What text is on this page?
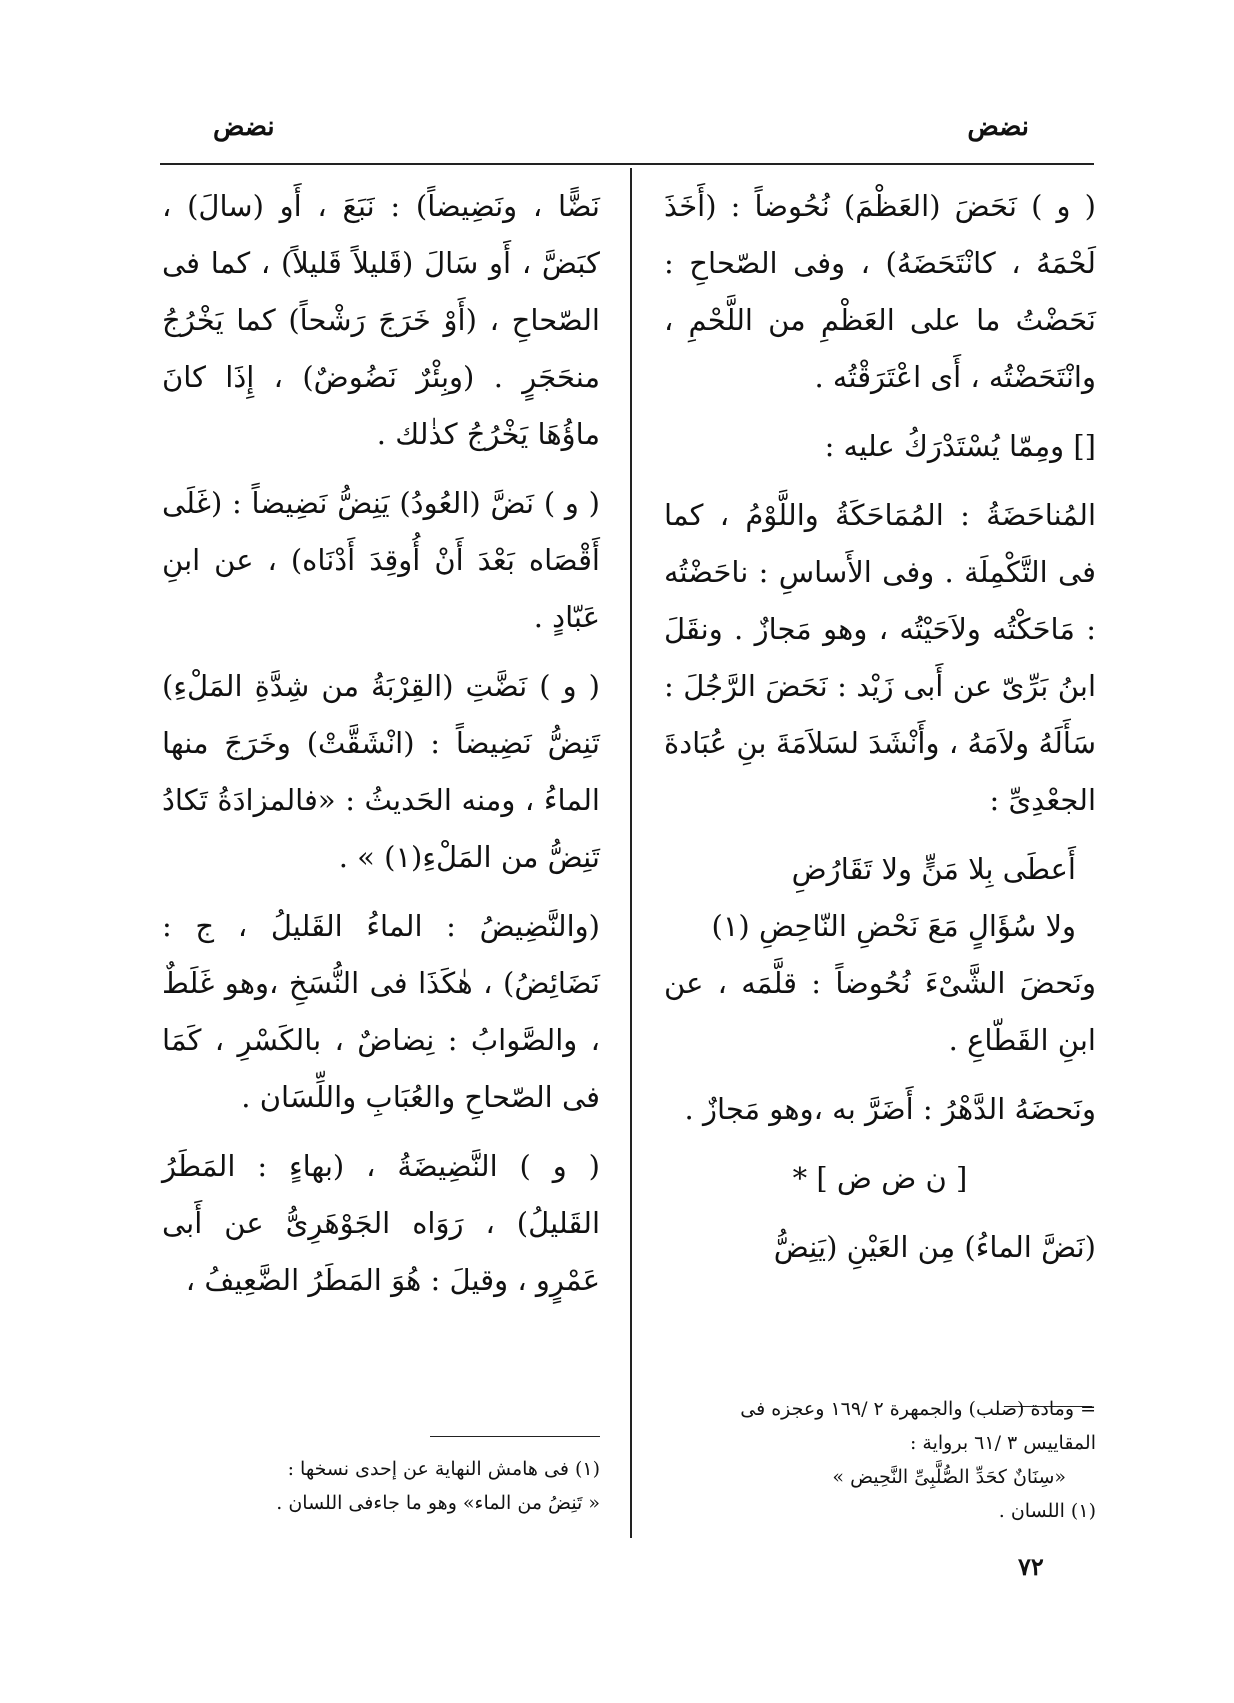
نضض
نضض

( و ) نَحَضَ (العَظْمَ) نُحُوضاً : (أَخَذَ لَحْمَهُ ، كانْتَحَضَهُ) ، وفى الصّحاحِ : نَحَضْتُ ما على العَظْمِ من اللَّحْمِ ، وانْتَحَضْتُه ، أَى اعْتَرَقْتُه .

[] ومِمّا يُسْتَدْرَكُ عليه :

المُناحَضَةُ : المُمَاحَكَةُ واللَّوْمُ ، كما فى التَّكْمِلَة . وفى الأَساسِ : ناحَضْتُه : مَاحَكْتُه ولاَحَيْتُه ، وهو مَجازٌ . ونقَلَ ابنُ بَرِّىّ عن أَبى زَيْد : نَحَضَ الرَّجُلَ : سَأَلَهُ ولاَمَهُ ، وأَنْشَدَ لسَلاَمَةَ بنِ عُبَادةَ الجعْدِىِّ :

أَعطَى بِلا مَنٍّ ولا تَقَارُضِ

ولا سُؤَالٍ مَعَ نَحْضِ النّاحِضِ (١)

ونَحضَ الشَّىْءَ نُحُوضاً : قلَّمَه ، عن ابنِ القَطّاعِ .

ونَحضَهُ الدَّهْرُ : أَضَرَّ به ،وهو مَجازٌ .

[ ن ض ض ] *

(نَضَّ الماءُ) مِن العَيْنِ (يَنِضُّ

نَضًّا ، ونَضِيضاً) : نَبَعَ ، أَو (سالَ) ، كبَضَّ ، أَو سَالَ (قَليلاً قَليلاً) ، كما فى الصّحاحِ ، (أَوْ خَرَجَ رَشْحاً) كما يَخْرُجُ منحَجَرٍ . (وبِئْرٌ نَضُوضٌ) ، إِذَا كانَ ماؤُهَا يَخْرُجُ كذٰلك .

( و ) نَضَّ (العُودُ) يَنِضُّ نَضِيضاً : (غَلَى أَقْصَاه بَعْدَ أَنْ أُوقِدَ أَدْنَاه) ، عن ابنِ عَبّادٍ .

( و ) نَضَّتِ (القِرْبَةُ من شِدَّةِ المَلْءِ) تَنِضُّ نَضِيضاً : (انْشَقَّتْ) وخَرَجَ منها الماءُ ، ومنه الحَديثُ : «فالمزادَةُ تَكادُ تَنِضُّ من المَلْءِ(١) » .

(والنَّضِيضُ : الماءُ القَليلُ ، ج : نَضَائِضُ) ، هٰكَذَا فى النُّسَخِ ،وهو غَلَطٌ ، والصَّوابُ : نِضاضٌ ، بالكَسْرِ ، كَمَا فى الصّحاحِ والعُبَابِ واللِّسَان .

( و ) النَّضِيضَةُ ، (بهاءٍ : المَطَرُ القَليلُ) ، رَوَاه الجَوْهَرِىُّ عن أَبى عَمْرٍو ، وقيلَ : هُوَ المَطَرُ الضَّعِيفُ ،

= ومادة (صلب) والجمهرة ٢ /١٦٩ وعجزه فى المقاييس ٣ /٦١ برواية :

«سِنَانٌ كحَدِّ الصُّلَّبِىِّ النَّحِيض »

(١) اللسان .

(١) فى هامش النهاية عن إحدى نسخها :

« تَنِضُ من الماء» وهو ما جاءفى اللسان .

٧٢
